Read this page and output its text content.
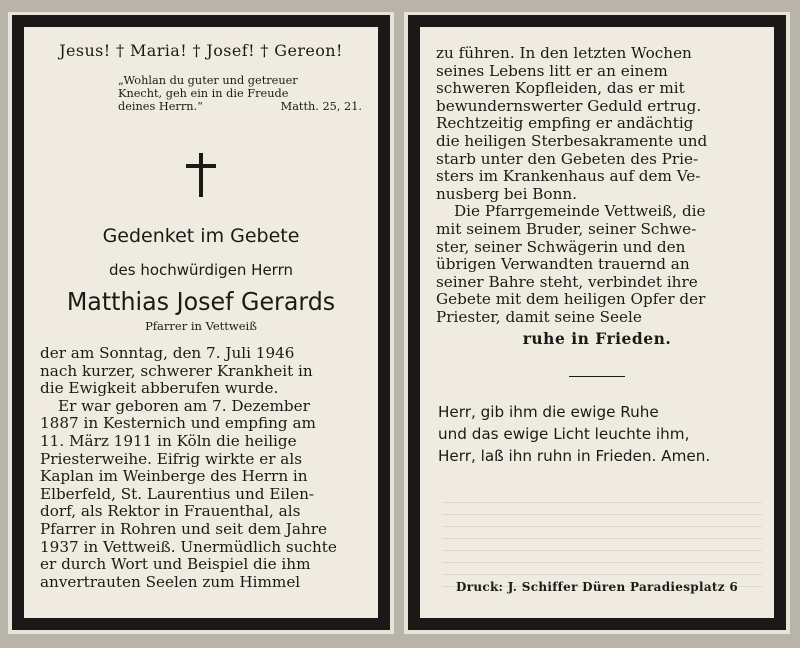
Jesus! † Maria! † Josef! † Gereon!
„Wohlan du guter und getreuer
Knecht, geh ein in die Freude
deines Herrn.“	Matth. 25, 21.
Gedenket im Gebete
des hochwürdigen Herrn
Matthias Josef Gerards
Pfarrer in Vettweiß
der am Sonntag, den 7. Juli 1946
nach kurzer, schwerer Krankheit in
die Ewigkeit abberufen wurde.
Er war geboren am 7. Dezember
1887 in Kesternich und empfing am
11. März 1911 in Köln die heilige
Priesterweihe. Eifrig wirkte er als
Kaplan im Weinberge des Herrn in
Elberfeld, St. Laurentius und Eilen-
dorf, als Rektor in Frauenthal, als
Pfarrer in Rohren und seit dem Jahre
1937 in Vettweiß. Unermüdlich suchte
er durch Wort und Beispiel die ihm
anvertrauten Seelen zum Himmel
zu führen. In den letzten Wochen
seines Lebens litt er an einem
schweren Kopfleiden, das er mit
bewundernswerter Geduld ertrug.
Rechtzeitig empfing er andächtig
die heiligen Sterbesakramente und
starb unter den Gebeten des Prie-
sters im Krankenhaus auf dem Ve-
nusberg bei Bonn.
Die Pfarrgemeinde Vettweiß, die
mit seinem Bruder, seiner Schwe-
ster, seiner Schwägerin und den
übrigen Verwandten trauernd an
seiner Bahre steht, verbindet ihre
Gebete mit dem heiligen Opfer der
Priester, damit seine Seele
ruhe in Frieden.
Herr, gib ihm die ewige Ruhe
und das ewige Licht leuchte ihm,
Herr, laß ihn ruhn in Frieden. Amen.
Druck: J. Schiffer Düren Paradiesplatz 6
